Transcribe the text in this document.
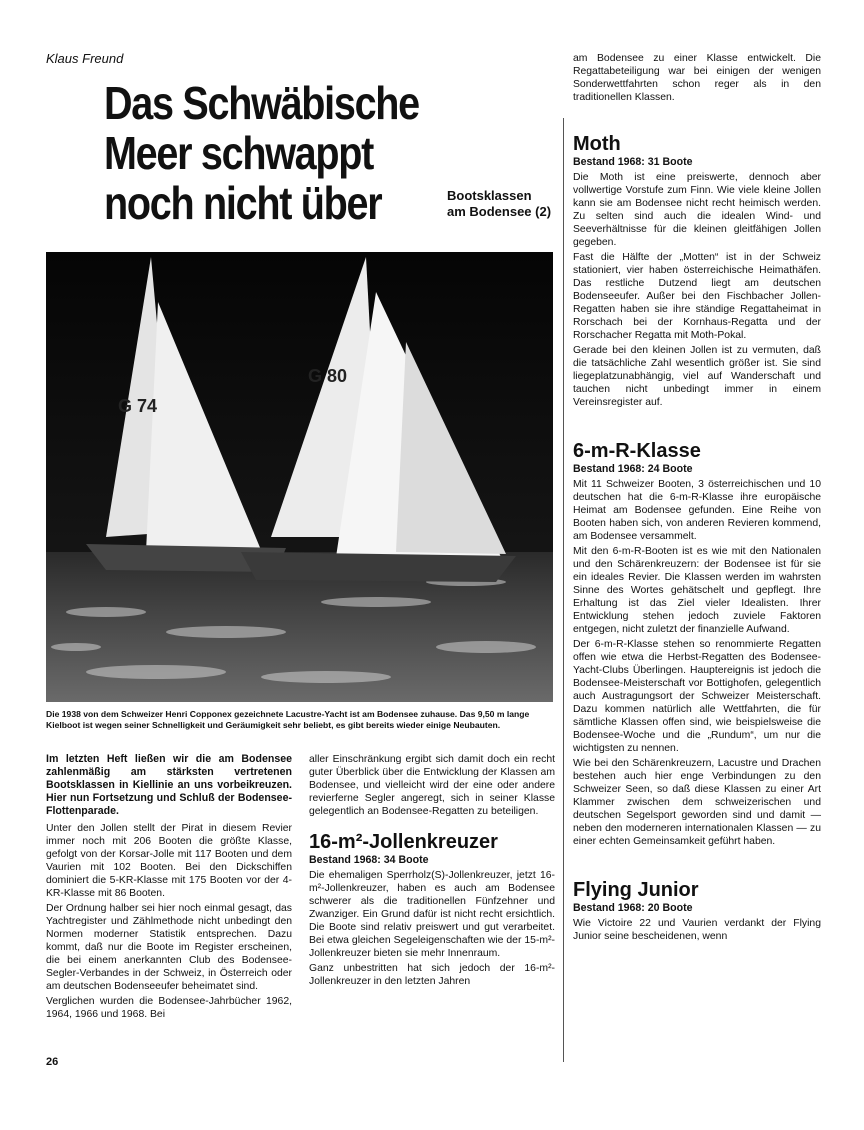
Klaus Freund
Das Schwäbische
Meer schwappt
noch nicht über	Bootsklassen
am Bodensee (2)
G 74
G 80
Die 1938 von dem Schweizer Henri Copponex gezeichnete Lacustre-Yacht ist am Bodensee zuhause. Das 9,50 m lange Kielboot ist wegen seiner Schnelligkeit und Geräumigkeit sehr beliebt, es gibt bereits wieder einige Neubauten.

Im letzten Heft ließen wir die am Bodensee zahlenmäßig am stärksten vertretenen Bootsklassen in Kiellinie an uns vorbeikreuzen. Hier nun Fortsetzung und Schluß der Bodensee-Flottenparade.

Unter den Jollen stellt der Pirat in diesem Revier immer noch mit 206 Booten die größte Klasse, gefolgt von der Korsar-Jolle mit 117 Booten und dem Vaurien mit 102 Booten. Bei den Dickschiffen dominiert die 5-KR-Klasse mit 175 Booten vor der 4-KR-Klasse mit 86 Booten.

Der Ordnung halber sei hier noch einmal gesagt, das Yachtregister und Zählmethode nicht unbedingt den Normen moderner Statistik entsprechen. Dazu kommt, daß nur die Boote im Register erscheinen, die bei einem anerkannten Club des Bodensee-Segler-Verbandes in der Schweiz, in Österreich oder am deutschen Bodenseeufer beheimatet sind.

Verglichen wurden die Bodensee-Jahrbücher 1962, 1964, 1966 und 1968. Bei

aller Einschränkung ergibt sich damit doch ein recht guter Überblick über die Entwicklung der Klassen am Bodensee, und vielleicht wird der eine oder andere revierferne Segler angeregt, sich in seiner Klasse gelegentlich an Bodensee-Regatten zu beteiligen.

16-m²-Jollenkreuzer

Bestand 1968: 34 Boote

Die ehemaligen Sperrholz(S)-Jollenkreuzer, jetzt 16-m²-Jollenkreuzer, haben es auch am Bodensee schwerer als die traditionellen Fünfzehner und Zwanziger. Ein Grund dafür ist nicht recht ersichtlich. Die Boote sind relativ preiswert und gut verarbeitet. Bei etwa gleichen Segeleigenschaften wie der 15-m²-Jollenkreuzer bieten sie mehr Innenraum.

Ganz unbestritten hat sich jedoch der 16-m²-Jollenkreuzer in den letzten Jahren

am Bodensee zu einer Klasse entwickelt. Die Regattabeteiligung war bei einigen der wenigen Sonderwettfahrten schon reger als in den traditionellen Klassen.

Moth

Bestand 1968: 31 Boote

Die Moth ist eine preiswerte, dennoch aber vollwertige Vorstufe zum Finn. Wie viele kleine Jollen kann sie am Bodensee nicht recht heimisch werden. Zu selten sind auch die idealen Wind- und Seeverhältnisse für die kleinen gleitfähigen Jollen gegeben.

Fast die Hälfte der „Motten“ ist in der Schweiz stationiert, vier haben österreichische Heimathäfen. Das restliche Dutzend liegt am deutschen Bodenseeufer. Außer bei den Fischbacher Jollen-Regatten haben sie ihre ständige Regattaheimat in Rorschach bei der Kornhaus-Regatta und der Rorschacher Regatta mit Moth-Pokal.

Gerade bei den kleinen Jollen ist zu vermuten, daß die tatsächliche Zahl wesentlich größer ist. Sie sind liegeplatzunabhängig, viel auf Wanderschaft und tauchen nicht unbedingt immer in einem Vereinsregister auf.

6-m-R-Klasse

Bestand 1968: 24 Boote

Mit 11 Schweizer Booten, 3 österreichischen und 10 deutschen hat die 6-m-R-Klasse ihre europäische Heimat am Bodensee gefunden. Eine Reihe von Booten haben sich, von anderen Revieren kommend, am Bodensee versammelt.

Mit den 6-m-R-Booten ist es wie mit den Nationalen und den Schärenkreuzern: der Bodensee ist für sie ein ideales Revier. Die Klassen werden im wahrsten Sinne des Wortes gehätschelt und gepflegt. Ihre Erhaltung ist das Ziel vieler Idealisten. Ihrer Entwicklung stehen jedoch zuviele Faktoren entgegen, nicht zuletzt der finanzielle Aufwand.

Der 6-m-R-Klasse stehen so renommierte Regatten offen wie etwa die Herbst-Regatten des Bodensee-Yacht-Clubs Überlingen. Hauptereignis ist jedoch die Bodensee-Meisterschaft vor Bottighofen, gelegentlich auch Austragungsort der Schweizer Meisterschaft. Dazu kommen natürlich alle Wettfahrten, die für sämtliche Klassen offen sind, wie beispielsweise die Bodensee-Woche und die „Rundum“, um nur die wichtigsten zu nennen.

Wie bei den Schärenkreuzern, Lacustre und Drachen bestehen auch hier enge Verbindungen zu den Schweizer Seen, so daß diese Klassen zu einer Art Klammer zwischen dem schweizerischen und deutschen Segelsport geworden sind und damit — neben den moderneren internationalen Klassen — zu einer echten Gemeinsamkeit geführt haben.

Flying Junior

Bestand 1968: 20 Boote

Wie Victoire 22 und Vaurien verdankt der Flying Junior seine bescheidenen, wenn

26
